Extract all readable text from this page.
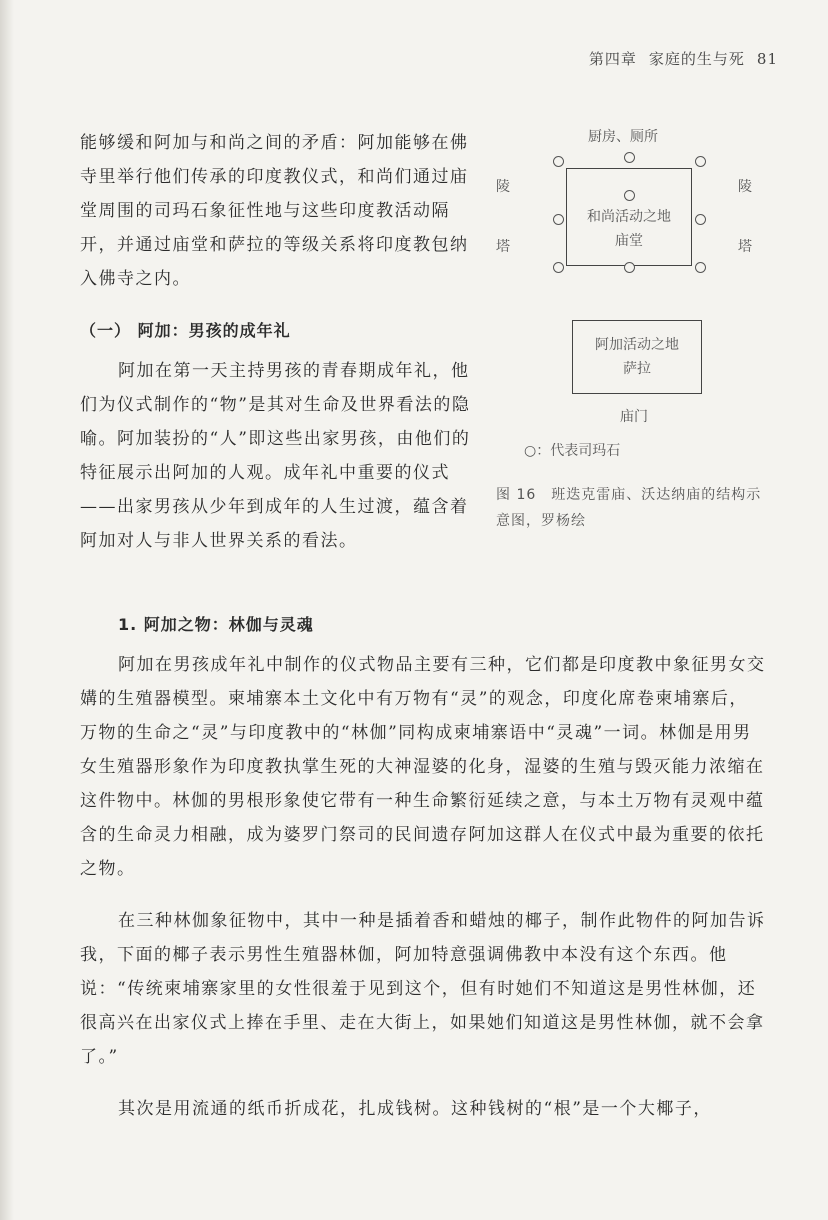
第四章 家庭的生与死 81

能够缓和阿加与和尚之间的矛盾：阿加能够在佛寺里举行他们传承的印度教仪式，和尚们通过庙堂周围的司玛石象征性地与这些印度教活动隔开，并通过庙堂和萨拉的等级关系将印度教包纳入佛寺之内。

（一） 阿加：男孩的成年礼

阿加在第一天主持男孩的青春期成年礼，他们为仪式制作的“物”是其对生命及世界看法的隐喻。阿加装扮的“人”即这些出家男孩，由他们的特征展示出阿加的人观。成年礼中重要的仪式——出家男孩从少年到成年的人生过渡，蕴含着阿加对人与非人世界关系的看法。

厨房、厕所
陵
塔
陵
塔
和尚活动之地
庙堂
阿加活动之地
萨拉
庙门
○：代表司玛石
图 16　班迭克雷庙、沃达纳庙的结构示意图，罗杨绘
1. 阿加之物：林伽与灵魂

阿加在男孩成年礼中制作的仪式物品主要有三种，它们都是印度教中象征男女交媾的生殖器模型。柬埔寨本土文化中有万物有“灵”的观念，印度化席卷柬埔寨后，万物的生命之“灵”与印度教中的“林伽”同构成柬埔寨语中“灵魂”一词。林伽是用男女生殖器形象作为印度教执掌生死的大神湿婆的化身，湿婆的生殖与毁灭能力浓缩在这件物中。林伽的男根形象使它带有一种生命繁衍延续之意，与本土万物有灵观中蕴含的生命灵力相融，成为婆罗门祭司的民间遗存阿加这群人在仪式中最为重要的依托之物。

在三种林伽象征物中，其中一种是插着香和蜡烛的椰子，制作此物件的阿加告诉我，下面的椰子表示男性生殖器林伽，阿加特意强调佛教中本没有这个东西。他说：“传统柬埔寨家里的女性很羞于见到这个，但有时她们不知道这是男性林伽，还很高兴在出家仪式上捧在手里、走在大街上，如果她们知道这是男性林伽，就不会拿了。”

其次是用流通的纸币折成花，扎成钱树。这种钱树的“根”是一个大椰子，
